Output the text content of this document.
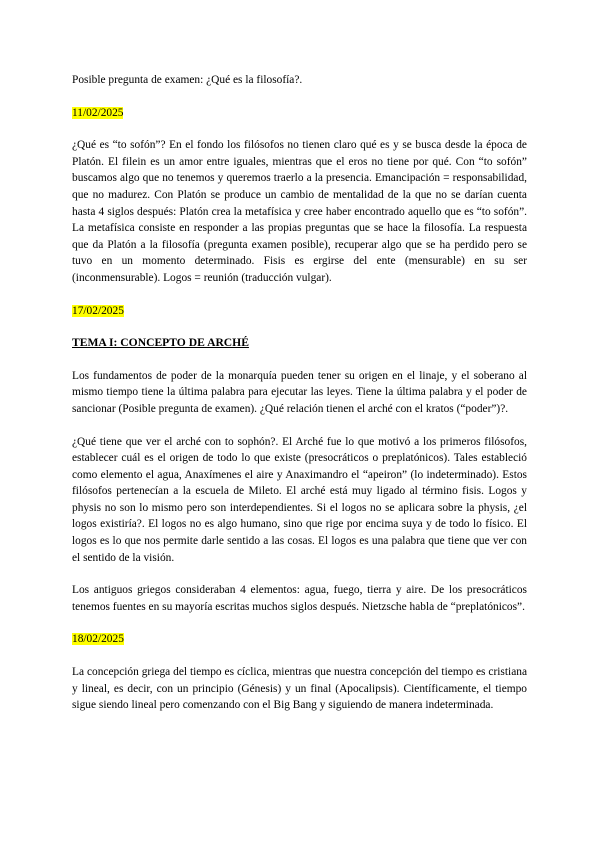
Posible pregunta de examen: ¿Qué es la filosofía?.

11/02/2025

¿Qué es “to sofón”? En el fondo los filósofos no tienen claro qué es y se busca desde la época de Platón. El filein es un amor entre iguales, mientras que el eros no tiene por qué. Con “to sofón” buscamos algo que no tenemos y queremos traerlo a la presencia. Emancipación = responsabilidad, que no madurez. Con Platón se produce un cambio de mentalidad de la que no se darían cuenta hasta 4 siglos después: Platón crea la metafísica y cree haber encontrado aquello que es “to sofón”. La metafísica consiste en responder a las propias preguntas que se hace la filosofía. La respuesta que da Platón a la filosofía (pregunta examen posible), recuperar algo que se ha perdido pero se tuvo en un momento determinado. Fisis es ergirse del ente (mensurable) en su ser (inconmensurable). Logos = reunión (traducción vulgar).

17/02/2025
TEMA I: CONCEPTO DE ARCHÉ

Los fundamentos de poder de la monarquía pueden tener su origen en el linaje, y el soberano al mismo tiempo tiene la última palabra para ejecutar las leyes. Tiene la última palabra y el poder de sancionar (Posible pregunta de examen). ¿Qué relación tienen el arché con el kratos (“poder”)?.

¿Qué tiene que ver el arché con to sophón?. El Arché fue lo que motivó a los primeros filósofos, establecer cuál es el origen de todo lo que existe (presocráticos o preplatónicos). Tales estableció como elemento el agua, Anaxímenes el aire y Anaximandro el “apeiron” (lo indeterminado). Estos filósofos pertenecían a la escuela de Mileto. El arché está muy ligado al término fisis. Logos y physis no son lo mismo pero son interdependientes. Si el logos no se aplicara sobre la physis, ¿el logos existiría?. El logos no es algo humano, sino que rige por encima suya y de todo lo físico. El logos es lo que nos permite darle sentido a las cosas. El logos es una palabra que tiene que ver con el sentido de la visión.

Los antiguos griegos consideraban 4 elementos: agua, fuego, tierra y aire. De los presocráticos tenemos fuentes en su mayoría escritas muchos siglos después. Nietzsche habla de “preplatónicos”.

18/02/2025

La concepción griega del tiempo es cíclica, mientras que nuestra concepción del tiempo es cristiana y lineal, es decir, con un principio (Génesis) y un final (Apocalipsis). Científicamente, el tiempo sigue siendo lineal pero comenzando con el Big Bang y siguiendo de manera indeterminada.
